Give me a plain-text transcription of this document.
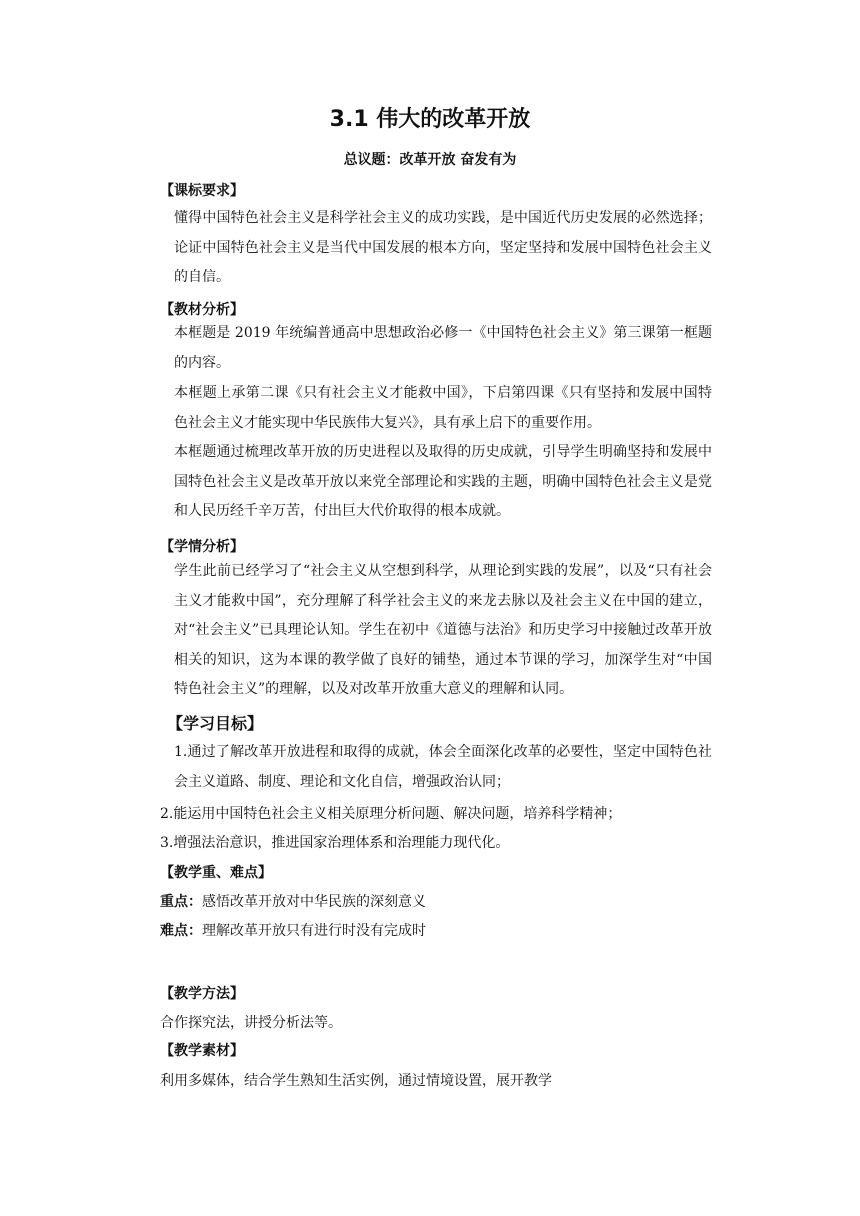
3.1 伟大的改革开放
总议题：改革开放 奋发有为
【课标要求】
懂得中国特色社会主义是科学社会主义的成功实践，是中国近代历史发展的必然选择；论证中国特色社会主义是当代中国发展的根本方向，坚定坚持和发展中国特色社会主义的自信。
【教材分析】
本框题是 2019 年统编普通高中思想政治必修一《中国特色社会主义》第三课第一框题的内容。
本框题上承第二课《只有社会主义才能救中国》，下启第四课《只有坚持和发展中国特色社会主义才能实现中华民族伟大复兴》，具有承上启下的重要作用。
本框题通过梳理改革开放的历史进程以及取得的历史成就，引导学生明确坚持和发展中国特色社会主义是改革开放以来党全部理论和实践的主题，明确中国特色社会主义是党和人民历经千辛万苦，付出巨大代价取得的根本成就。
【学情分析】
学生此前已经学习了“社会主义从空想到科学，从理论到实践的发展”，以及“只有社会主义才能救中国”，充分理解了科学社会主义的来龙去脉以及社会主义在中国的建立，对“社会主义”已具理论认知。学生在初中《道德与法治》和历史学习中接触过改革开放相关的知识，这为本课的教学做了良好的铺垫，通过本节课的学习，加深学生对“中国特色社会主义”的理解，以及对改革开放重大意义的理解和认同。
【学习目标】
1.通过了解改革开放进程和取得的成就，体会全面深化改革的必要性，坚定中国特色社会主义道路、制度、理论和文化自信，增强政治认同；
2.能运用中国特色社会主义相关原理分析问题、解决问题，培养科学精神；
3.增强法治意识，推进国家治理体系和治理能力现代化。
【教学重、难点】
重点：感悟改革开放对中华民族的深刻意义
难点：理解改革开放只有进行时没有完成时
【教学方法】
合作探究法，讲授分析法等。
【教学素材】
利用多媒体，结合学生熟知生活实例，通过情境设置，展开教学
